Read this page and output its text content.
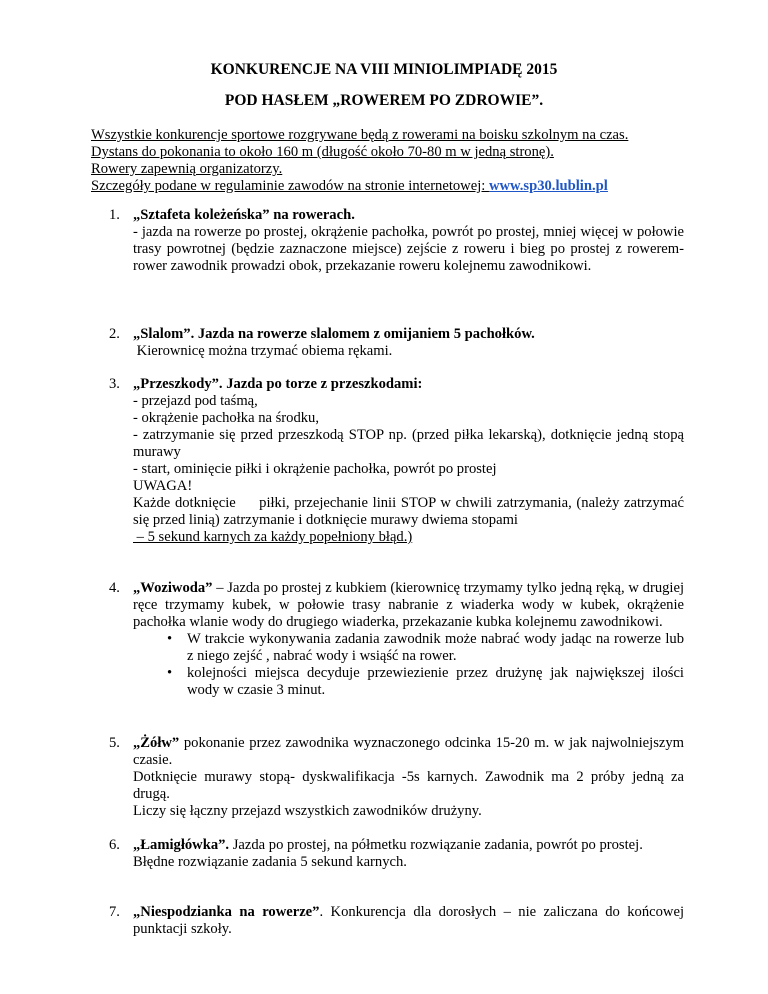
KONKURENCJE NA VIII MINIOLIMPIADĘ 2015
POD HASŁEM „ROWEREM PO ZDROWIE”.
Wszystkie konkurencje sportowe rozgrywane będą z rowerami na boisku szkolnym na czas.
Dystans do pokonania to około 160 m (długość około 70-80 m w jedną stronę).
Rowery zapewnią organizatorzy.
Szczegóły podane w regulaminie zawodów na stronie internetowej: www.sp30.lublin.pl
1. „Sztafeta koleżeńska” na rowerach.
- jazda na rowerze po prostej, okrążenie pachołka, powrót po prostej, mniej więcej w połowie trasy powrotnej (będzie zaznaczone miejsce) zejście z roweru i bieg po prostej z rowerem- rower zawodnik prowadzi obok, przekazanie roweru kolejnemu zawodnikowi.
2. „Slalom”. Jazda na rowerze slalomem z omijaniem 5 pachołków.
Kierownicę można trzymać obiema rękami.
3. „Przeszkody”. Jazda po torze z przeszkodami:
- przejazd pod taśmą,
- okrążenie pachołka na środku,
- zatrzymanie się przed przeszkodą STOP np. (przed piłka lekarską), dotknięcie jedną stopą murawy
- start, ominięcie piłki i okrążenie pachołka, powrót po prostej
UWAGA!
Każde dotknięcie     piłki, przejechanie linii STOP w chwili zatrzymania, (należy zatrzymać się przed linią) zatrzymanie i dotknięcie murawy dwiema stopami
– 5 sekund karnych za każdy popełniony błąd.)
4. „Woziwoda” – Jazda po prostej z kubkiem (kierownicę trzymamy tylko jedną ręką, w drugiej ręce trzymamy kubek, w połowie trasy nabranie z wiaderka wody w kubek, okrążenie pachołka wlanie wody do drugiego wiaderka, przekazanie kubka kolejnemu zawodnikowi.
• W trakcie wykonywania zadania zawodnik może nabrać wody jadąc na rowerze lub z niego zejść , nabrać wody i wsiąść na rower.
• kolejności miejsca decyduje przewiezienie przez drużynę jak największej ilości wody w czasie 3 minut.
5. „Żółw” pokonanie przez zawodnika wyznaczonego odcinka 15-20 m. w jak najwolniejszym czasie.
Dotknięcie murawy stopą- dyskwalifikacja -5s karnych. Zawodnik ma 2 próby jedną za drugą.
Liczy się łączny przejazd wszystkich zawodników drużyny.
6. „Łamigłówka”. Jazda po prostej, na półmetku rozwiązanie zadania, powrót po prostej.
Błędne rozwiązanie zadania 5 sekund karnych.
7. „Niespodzianka na rowerze”. Konkurencja dla dorosłych – nie zaliczana do końcowej punktacji szkoły.
